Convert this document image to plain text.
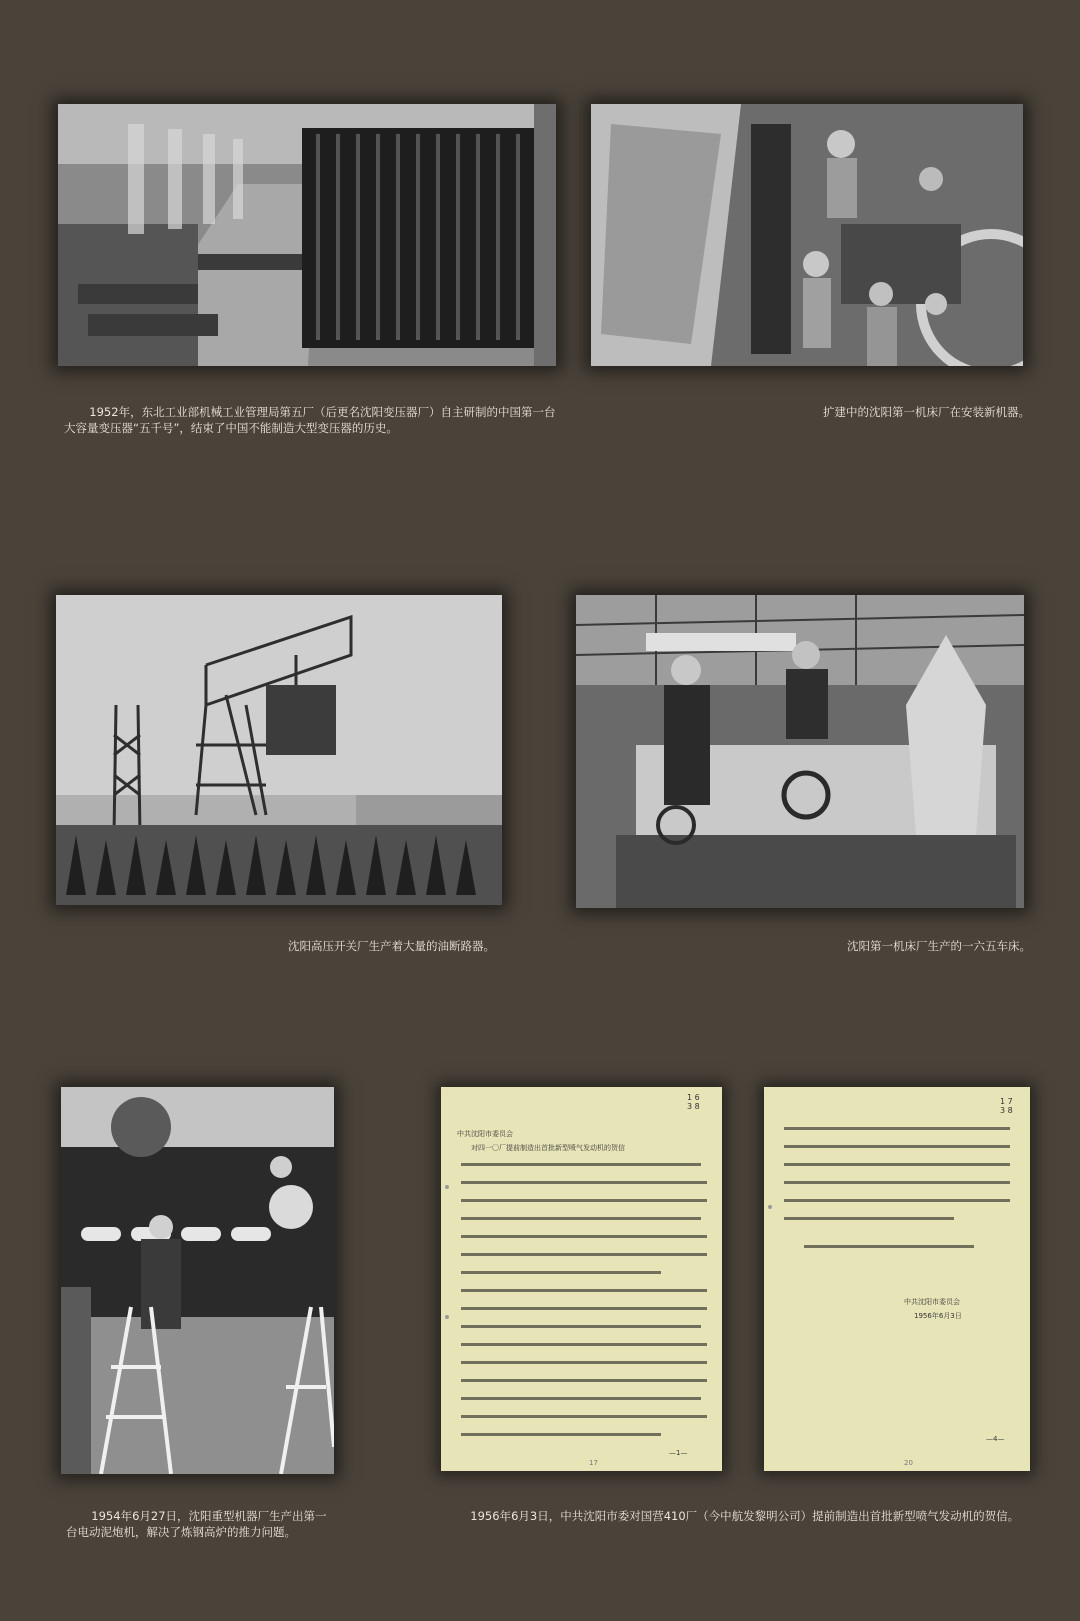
1952年，东北工业部机械工业管理局第五厂（后更名沈阳变压器厂）自主研制的中国第一台大容量变压器“五千号”，结束了中国不能制造大型变压器的历史。

扩建中的沈阳第一机床厂在安装新机器。

沈阳高压开关厂生产着大量的油断路器。	沈阳第一机床厂生产的一六五车床。

1 6
3 8
中共沈阳市委员会
对四一〇厂提前制造出首批新型喷气发动机的贺信
—1—
17
1 7
3 8
中共沈阳市委员会
1956年6月3日
—4—
20

1954年6月27日，沈阳重型机器厂生产出第一台电动泥炮机，解决了炼钢高炉的推力问题。

1956年6月3日，中共沈阳市委对国营410厂（今中航发黎明公司）提前制造出首批新型喷气发动机的贺信。
